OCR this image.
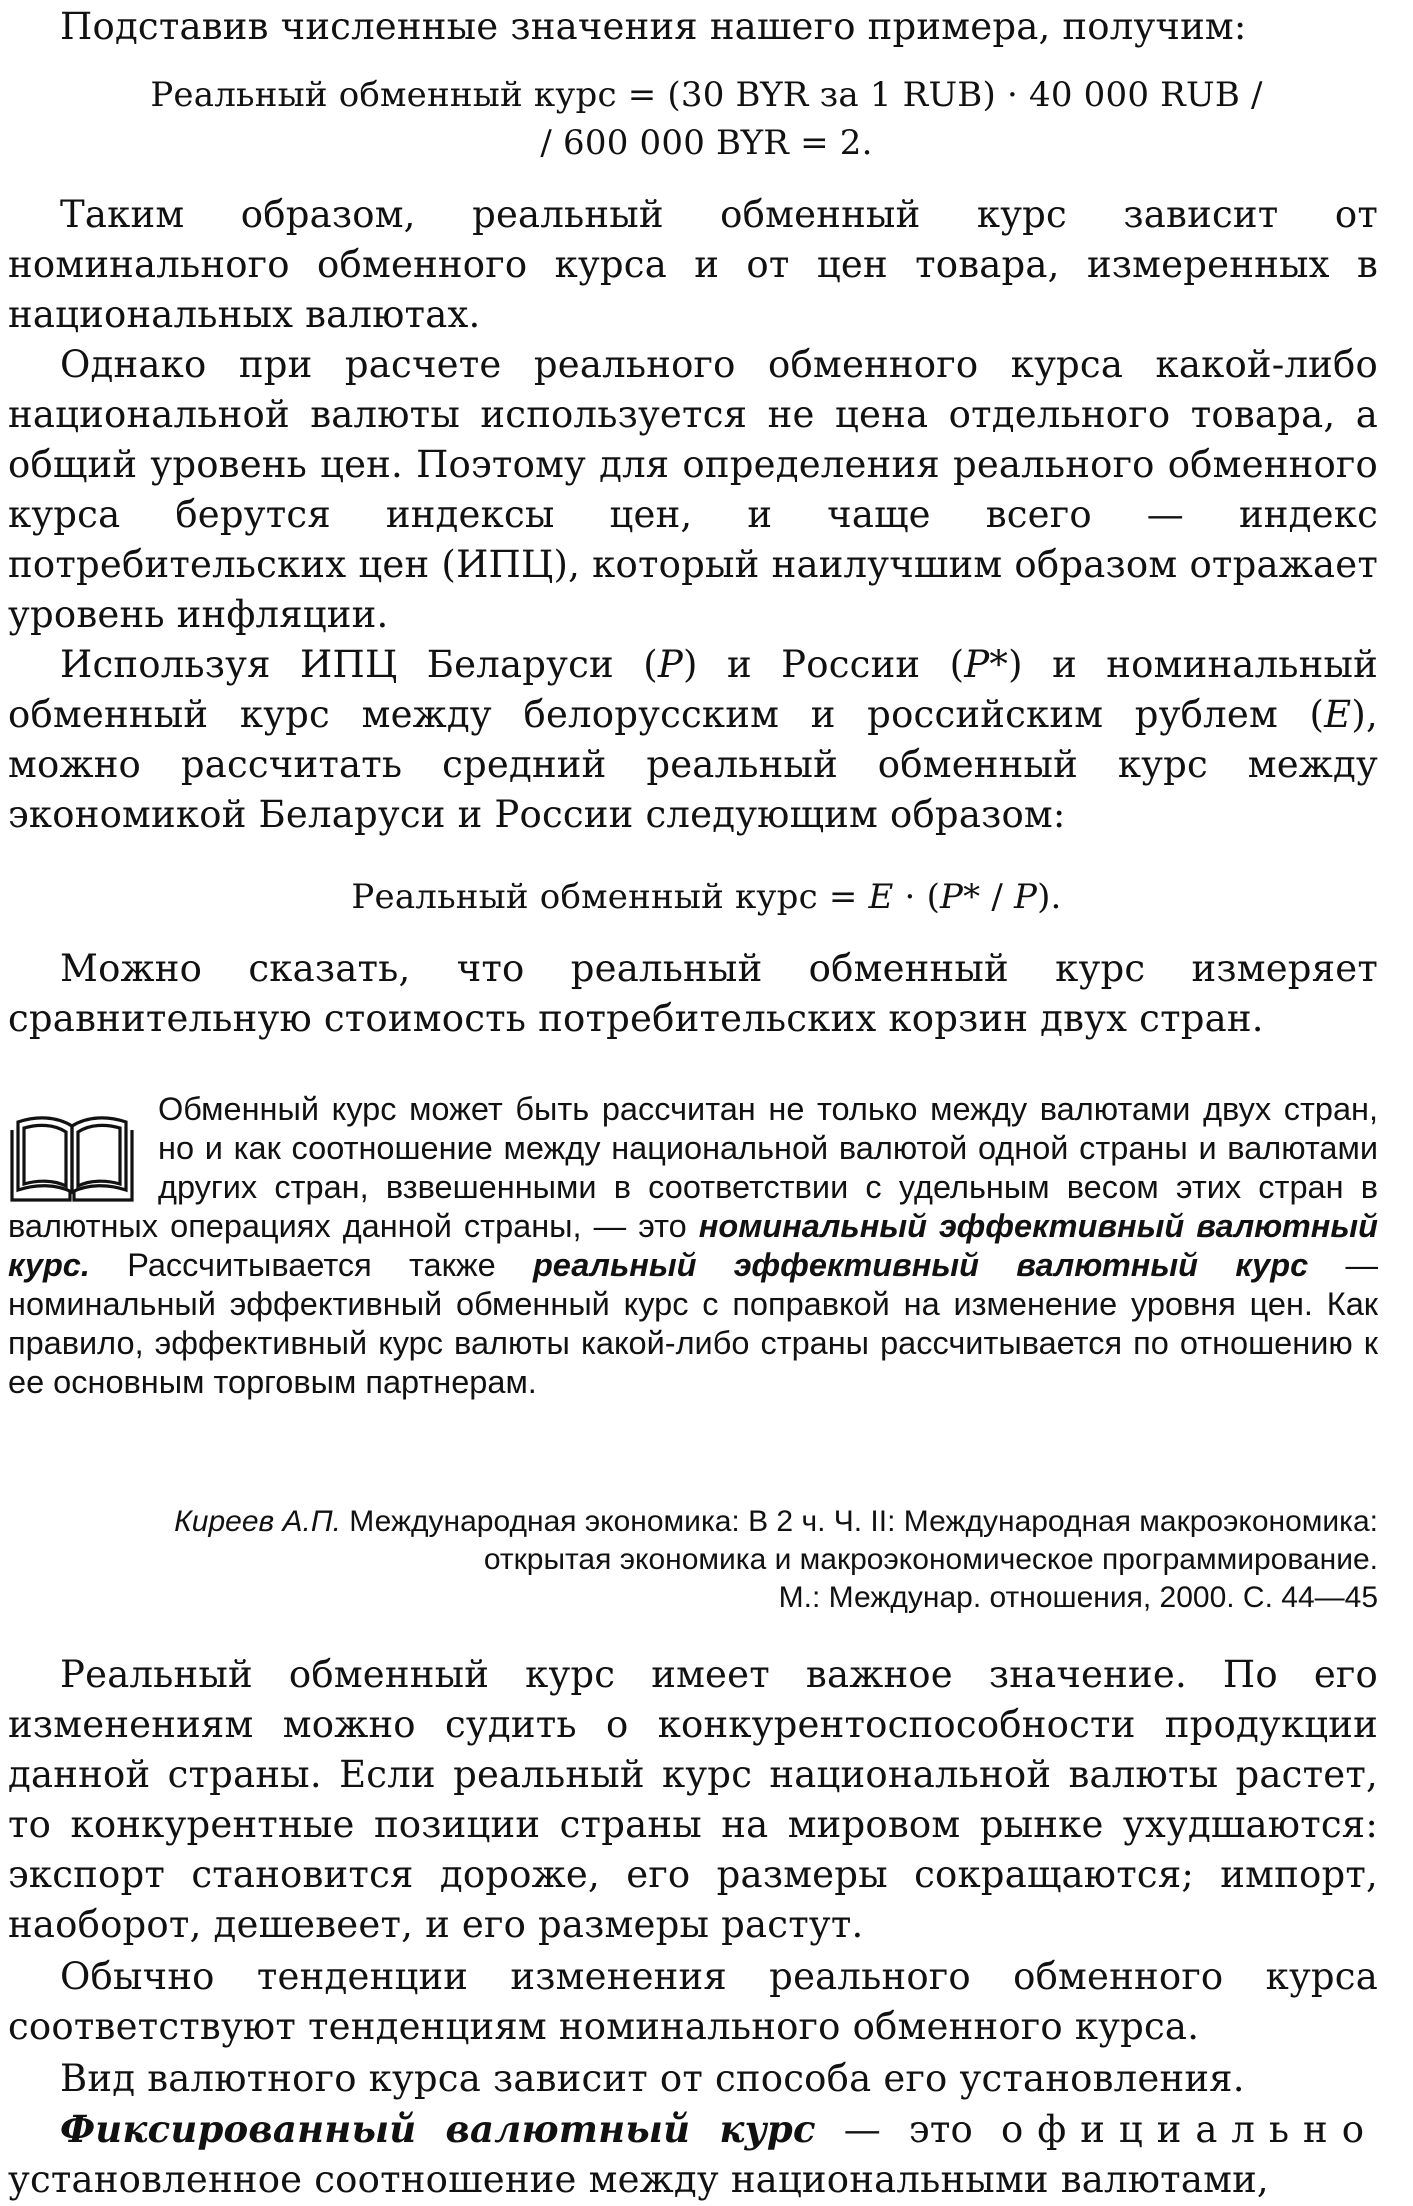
Подставив численные значения нашего примера, получим:

Реальный обменный курс = (30 BYR за 1 RUB) · 40 000 RUB /

/ 600 000 BYR = 2.

Таким образом, реальный обменный курс зависит от номинального обменного курса и от цен товара, измеренных в национальных валютах.

Однако при расчете реального обменного курса какой-либо национальной валюты используется не цена отдельного товара, а общий уровень цен. Поэтому для определения реального обменного курса берутся индексы цен, и чаще всего — индекс потребительских цен (ИПЦ), который наилучшим образом отражает уровень инфляции.

Используя ИПЦ Беларуси (P) и России (P*) и номинальный обменный курс между белорусским и российским рублем (E), можно рассчитать средний реальный обменный курс между экономикой Беларуси и России следующим образом:

Реальный обменный курс = E · (P* / P).

Можно сказать, что реальный обменный курс измеряет сравнительную стоимость потребительских корзин двух стран.

Обменный курс может быть рассчитан не только между валютами двух стран, но и как соотношение между национальной валютой одной страны и валютами других стран, взвешенными в соответствии с удельным весом этих стран в валютных операциях данной страны, — это номинальный эффективный валютный курс. Рассчитывается также реальный эффективный валютный курс — номинальный эффективный обменный курс с поправкой на изменение уровня цен. Как правило, эффективный курс валюты какой-либо страны рассчитывается по отношению к ее основным торговым партнерам.

Киреев А.П. Международная экономика: В 2 ч. Ч. II: Международная макроэкономика:
открытая экономика и макроэкономическое программирование.
М.: Междунар. отношения, 2000. С. 44—45

Реальный обменный курс имеет важное значение. По его изменениям можно судить о конкурентоспособности продукции данной страны. Если реальный курс национальной валюты растет, то конкурентные позиции страны на мировом рынке ухудшаются: экспорт становится дороже, его размеры сокращаются; импорт, наоборот, дешевеет, и его размеры растут.

Обычно тенденции изменения реального обменного курса соответствуют тенденциям номинального обменного курса.

Вид валютного курса зависит от способа его установления.

Фиксированный валютный курс — это официально установленное соотношение между национальными валютами,
